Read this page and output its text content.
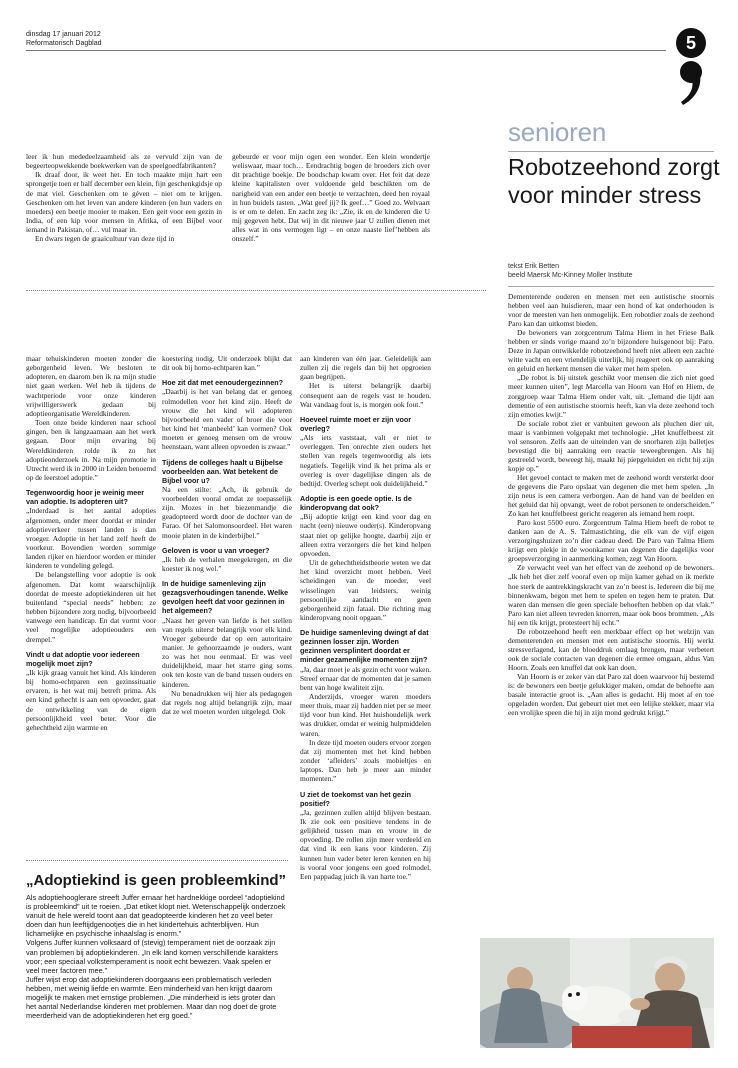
dinsdag 17 januari 2012
Reformatorisch Dagblad	5

leer ik hun mededeelzaamheid als ze vervuld zijn van de begeerteopwekkende boekwerken van de speelgoedfabrikanten?

Ik draaf door, ik weet het. En toch maakte mijn hart een sprongetje toen er half december een klein, fijn geschenkgidsje op de mat viel. Geschenken om te géven – niet om te krijgen. Geschenken om het leven van andere kinderen (en hun vaders en moeders) een beetje mooier te maken. Een geit voor een gezin in India, of een kip voor mensen in Afrika, of een Bijbel voor iemand in Pakistan, of… vul maar in.

En dwars tegen de graaicultuur van deze tijd in

gebeurde er voor mijn ogen een wonder. Een klein wondertje weliswaar, maar toch… Eendrachtig bogen de broeders zich over dit prachtige boekje. De boodschap kwam over. Het feit dat deze kleine kapitalisten over voldoende geld beschikten om de narigheid van een ander een beetje te verzachten, deed hen royaal in hun buidels tasten. „Wat geef jij? Ik geef…” Goed zo. Welvaart is er om te delen. En zacht zeg ik: „Zie, ik en de kinderen die U mij gegeven hebt. Dat wij in dit nieuwe jaar U zullen dienen met alles wat in ons vermogen ligt – en onze naaste lief’hebben als onszelf.”

maar tehuiskinderen moeten zonder die geborgenheid leven. We besloten te adopteren, en daarom ben ik na mijn studie niet gaan werken. Wel heb ik tijdens de wachtperiode voor onze kinderen vrijwilligerswerk gedaan bij adoptieorganisatie Wereldkinderen.

Toen onze beide kinderen naar school gingen, ben ik langzaamaan aan het werk gegaan. Door mijn ervaring bij Wereldkinderen rolde ik zo het adoptieonderzoek in. Na mijn promotie in Utrecht werd ik in 2000 in Leiden benoemd op de leerstoel adoptie.”

Tegenwoordig hoor je weinig meer van adoptie. Is adopteren uit?

„Inderdaad is het aantal adopties afgenomen, onder meer doordat er minder adoptieverkeer tussen landen is dan vroeger. Adoptie in het land zelf heeft de voorkeur. Bovendien worden sommige landen rijker en hierdoor worden er minder kinderen te vondeling gelegd.

De belangstelling voor adoptie is ook afgenomen. Dat komt waarschijnlijk doordat de meeste adoptiekinderen uit het buitenland “special needs” hebben: ze hebben bijzondere zorg nodig, bijvoorbeeld vanwege een handicap. En dat vormt voor veel mogelijke adoptieouders een drempel.”

Vindt u dat adoptie voor iedereen mogelijk moet zijn?

„Ik kijk graag vanuit het kind. Als kinderen bij homo-echtparen een gezinssituatie ervaren, is het wat mij betreft prima. Als een kind gehecht is aan een opvoeder, gaat de ontwikkeling van de eigen persoonlijkheid veel beter. Voor die gehechtheid zijn warmte en

koestering nodig. Uit onderzoek blijkt dat dit ook bij homo-echtparen kan.”

Hoe zit dat met eenoudergezinnen?

„Daarbij is het van belang dat er genoeg rolmodellen voor het kind zijn. Heeft de vrouw die het kind wil adopteren bijvoorbeeld een vader of broer die voor het kind het ‘manbeeld’ kan vormen? Ook moeten er genoeg mensen om de vrouw heenstaan, want alleen opvoeden is zwaar.”

Tijdens de colleges haalt u Bijbelse voorbeelden aan. Wat betekent de Bijbel voor u?

Na een stilte: „Ach, ik gebruik de voorbeelden vooral omdat ze toepasselijk zijn. Mozes in het biezenmandje die geadopteerd wordt door de dochter van de Farao. Of het Salomonsoordeel. Het waren mooie platen in de kinderbijbel.”

Geloven is voor u van vroeger?

„Ik heb de verhalen meegekregen, en die koester ik nog wel.”

In de huidige samenleving zijn gezagsverhoudingen tanende. Welke gevolgen heeft dat voor gezinnen in het algemeen?

„Naast het geven van liefde is het stellen van regels uiterst belangrijk voor elk kind. Vroeger gebeurde dat op een autoritaire manier. Je gehoorzaamde je ouders, want zo was het nou eenmaal. Er was veel duidelijkheid, maar het starre ging soms ook ten koste van de band tussen ouders en kinderen.

Nu benadrukken wij hier als pedagogen dat regels nog altijd belangrijk zijn, maar dat ze wel moeten worden uitgelegd. Ook

aan kinderen van één jaar. Geleidelijk aan zullen zij die regels dan bij het opgroeien gaan begrijpen.

Het is uiterst belangrijk daarbij consequent aan de regels vast te houden. Wat vandaag fout is, is morgen ook fout.”

Hoeveel ruimte moet er zijn voor overleg?

„Als iets vaststaat, valt er niet te overleggen. Ten onrechte zien ouders het stellen van regels tegenwoordig als iets negatiefs. Tegelijk vind ik het prima als er overleg is over dagelijkse dingen als de bedtijd. Overleg schept ook duidelijkheid.”

Adoptie is een goede optie. Is de kinderopvang dat ook?

„Bij adoptie krijgt een kind voor dag en nacht (een) nieuwe ouder(s). Kinderopvang staat niet op gelijke hoogte, daarbij zijn er alleen extra verzorgers die het kind helpen opvoeden.

Uit de gehechtheidstheorie weten we dat het kind overzicht moet hebben. Veel scheidingen van de moeder, veel wisselingen van leidsters, weinig persoonlijke aandacht en geen geborgenheid zijn fataal. Die richting mag kinderopvang nooit opgaan.”

De huidige samenleving dwingt af dat gezinnen losser zijn. Worden gezinnen versplintert doordat er minder gezamenlijke momenten zijn?

„Ja, daar moet je als gezin echt voor waken. Streef ernaar dat de momenten dat je samen bent van hoge kwaliteit zijn.

Anderzijds, vroeger waren moeders meer thuis, maar zij hadden niet per se meer tijd voor hun kind. Het huishoudelijk werk was drukker, omdat er weinig hulpmiddelen waren.

In deze tijd moeten ouders ervoor zorgen dat zij momenten met het kind hebben zonder ‘afleiders’ zoals mobieltjes en laptops. Dan heb je meer aan minder momenten.”

U ziet de toekomst van het gezin positief?

„Ja, gezinnen zullen altijd blijven bestaan. Ik zie ook een positieve tendens in de gelijkheid tussen man en vrouw in de opvoeding. De rollen zijn meer verdeeld en dat vind ik een kans voor kinderen. Zij kunnen hun vader beter leren kennen en hij is vooral voor jongens een goed rolmodel. Een pappadag juich ik van harte toe.”

„Adoptiekind is geen probleemkind”

Als adoptiehooglerare streeft Juffer ernaar het hardnekkige oordeel “adoptiekind is probleemkind” uit te roeien. „Dat etiket klopt niet. Wetenschappelijk onderzoek vanuit de hele wereld toont aan dat geadopteerde kinderen het zo veel beter doen dan hun leeftijdgenootjes die in het kindertehuis achterblijven. Hun lichamelijke en psychische inhaalslag is enorm.”

Volgens Juffer kunnen volksaard of (stevig) temperament niet de oorzaak zijn van problemen bij adoptiekinderen. „In elk land komen verschillende karakters voor; een speciaal volkstemperament is nooit echt bewezen. Vaak spelen er veel meer factoren mee.”

Juffer wijst erop dat adoptiekinderen doorgaans een problematisch verleden hebben, met weinig liefde en warmte. Een minderheid van hen krijgt daarom mogelijk te maken met ernstige problemen. „Die minderheid is iets groter dan het aantal Nederlandse kinderen met problemen. Maar dan nog doet de grote meerderheid van de adoptiekinderen het erg goed.”

senioren
Robotzeehond zorgt voor minder stress
tekst Erik Betten
beeld Maersk Mc-Kinney Moller Institute

Dementerende ouderen en mensen met een autistische stoornis hebben veel aan huisdieren, maar een hond of kat onderhouden is voor de meesten van hen onmogelijk. Een robotdier zoals de zeehond Paro kan dan uitkomst bieden.

De bewoners van zorgcentrum Talma Hiem in het Friese Balk hebben er sinds vorige maand zo’n bijzondere huisgenoot bij: Paro. Deze in Japan ontwikkelde robotzeehond heeft niet alleen een zachte witte vacht en een vriendelijk uiterlijk, hij reageert ook op aanraking en geluid en herkent mensen die vaker met hem spelen.

„De robot is bij uitstek geschikt voor mensen die zich niet goed meer kunnen uiten”, legt Marcella van Hoorn van Hof en Hiem, de zorggroep waar Talma Hiem onder valt, uit. „Iemand die lijdt aan dementie of een autistische stoornis heeft, kan via deze zeehond toch zijn emoties kwijt.”

De sociale robot ziet er vanbuiten gewoon als pluchen dier uit, maar is vanbinnen volgepakt met technologie. „Het knuffelbeest zit vol sensoren. Zelfs aan de uiteinden van de snorharen zijn balletjes bevestigd die bij aanraking een reactie teweegbrengen. Als hij gestreeld wordt, beweegt hij, maakt hij piepgeluiden en richt hij zijn kopje op.”

Het gevoel contact te maken met de zeehond wordt versterkt door de gegevens die Paro opslaat van degenen die met hem spelen. „In zijn neus is een camera verborgen. Aan de hand van de beelden en het geluid dat hij opvangt, weet de robot personen te onderscheiden.” Zo kan het knuffelbeest gericht reageren als iemand hem roept.

Paro kost 5500 euro. Zorgcentrum Talma Hiem heeft de robot te danken aan de A. S. Talmastichting, die elk van de vijf eigen verzorgingshuizen zo’n dier cadeau deed. De Paro van Talma Hiem krijgt een plekje in de woonkamer van degenen die dagelijks voor groepsverzorging in aanmerking komen, zegt Van Hoorn.

Ze verwacht veel van het effect van de zeehond op de bewoners. „Ik heb het dier zelf vooraf even op mijn kamer gehad en ik merkte hoe sterk de aantrekkingskracht van zo’n beest is. Iedereen die bij me binnenkwam, begon met hem te spelen en tegen hem te praten. Dat waren dan mensen die geen speciale behoeften hebben op dat vlak.” Paro kan niet alleen tevreden knorren, maar ook boos brommen. „Als hij een tik krijgt, protesteert hij echt.”

De robotzeehond heeft een merkbaar effect op het welzijn van dementerenden en mensen met een autistische stoornis. Hij werkt stressverlagend, kan de bloeddruk omlaag brengen, maar verbetert ook de sociale contacten van degenen die ermee omgaan, aldus Van Hoorn. Zoals een knuffel dat ook kan doen.

Van Hoorn is er zeker van dat Paro zal doen waarvoor hij bestemd is: de bewoners een beetje gelukkiger maken, omdat de behoefte aan basale interactie groot is. „Aan alles is gedacht. Hij moet af en toe opgeladen worden. Dat gebeurt niet met een lelijke stekker, maar via een vrolijke speen die hij in zijn mond gedrukt krijgt.”
